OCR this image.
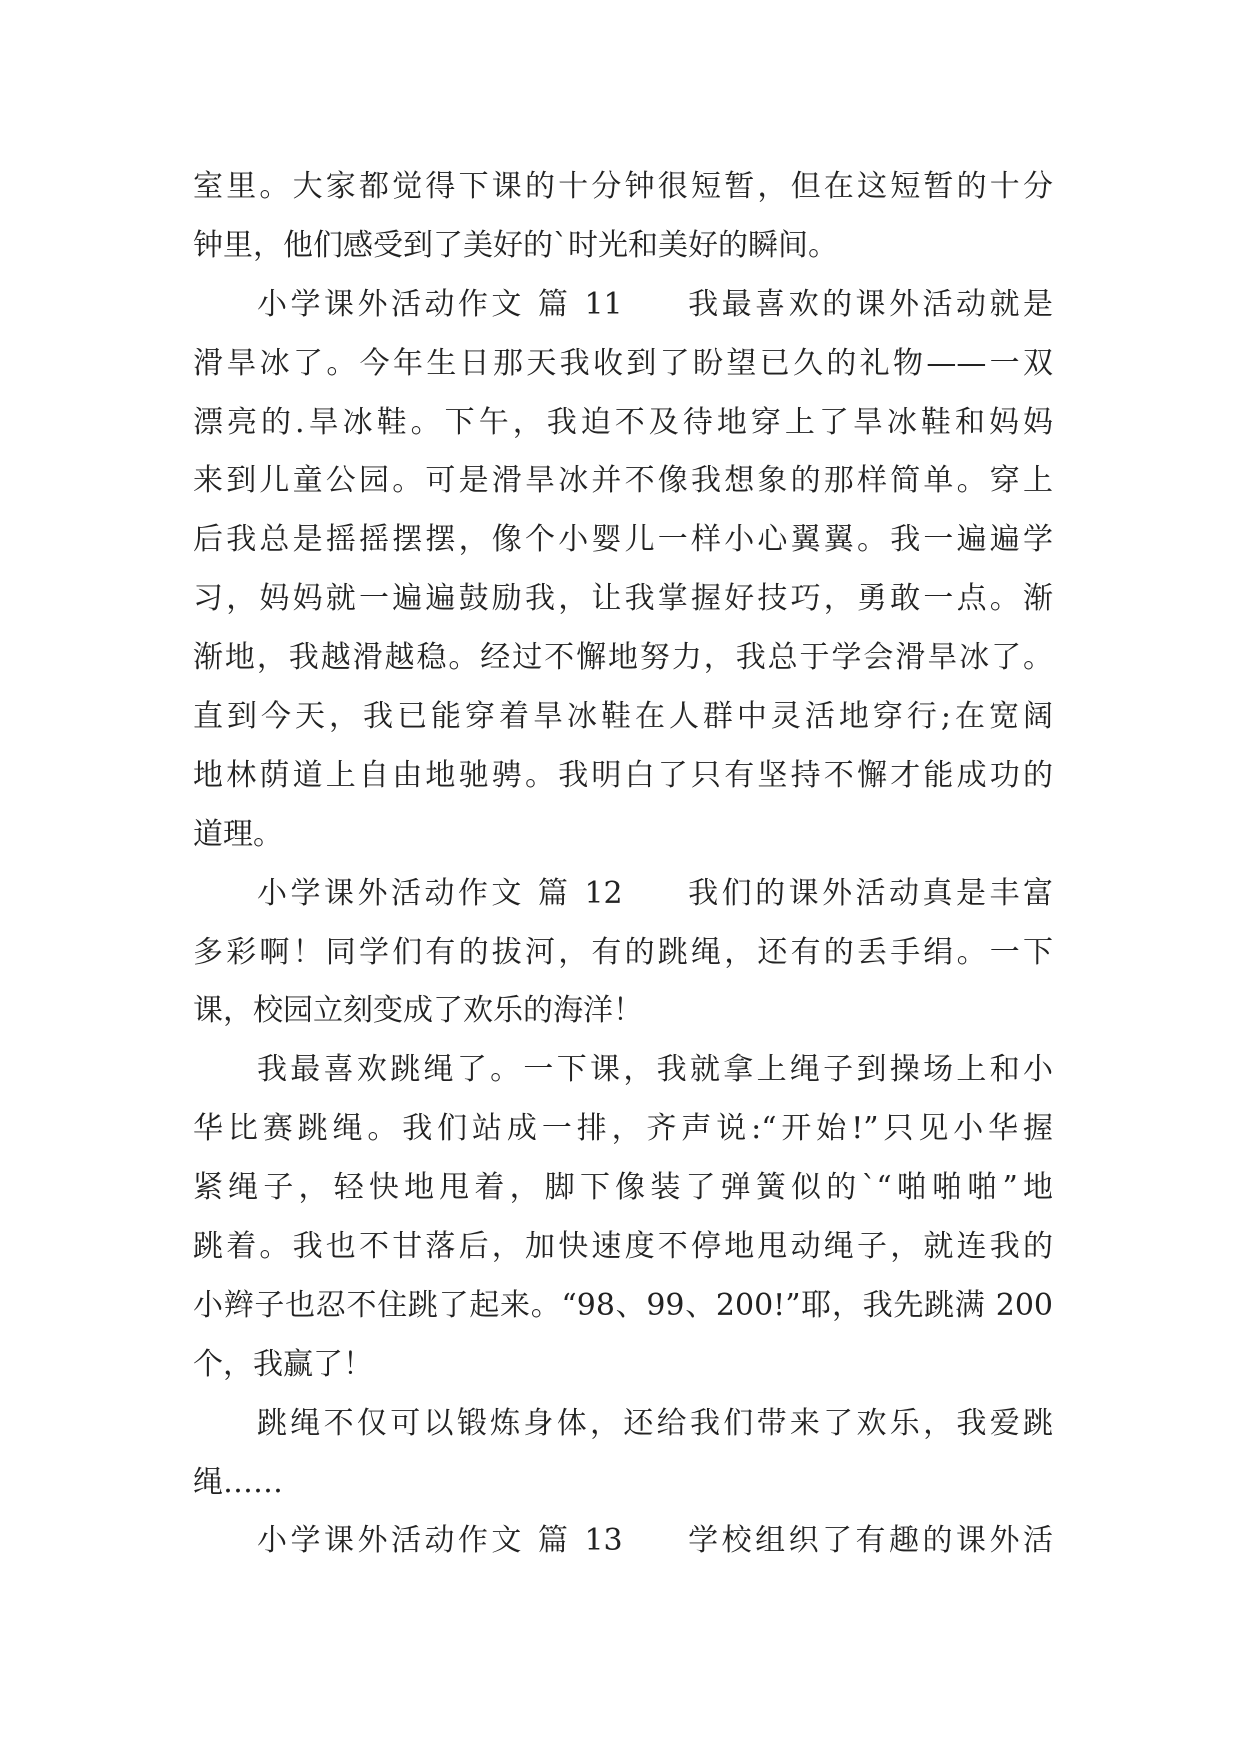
室里。大家都觉得下课的十分钟很短暂，但在这短暂的十分
钟里，他们感受到了美好的`时光和美好的瞬间。
小学课外活动作文 篇 11 我最喜欢的课外活动就是
滑旱冰了。今年生日那天我收到了盼望已久的礼物——一双
漂亮的.旱冰鞋。下午，我迫不及待地穿上了旱冰鞋和妈妈
来到儿童公园。可是滑旱冰并不像我想象的那样简单。穿上
后我总是摇摇摆摆，像个小婴儿一样小心翼翼。我一遍遍学
习，妈妈就一遍遍鼓励我，让我掌握好技巧，勇敢一点。渐
渐地，我越滑越稳。经过不懈地努力，我总于学会滑旱冰了。
直到今天，我已能穿着旱冰鞋在人群中灵活地穿行;在宽阔
地林荫道上自由地驰骋。我明白了只有坚持不懈才能成功的
道理。
小学课外活动作文 篇 12 我们的课外活动真是丰富
多彩啊！同学们有的拔河，有的跳绳，还有的丢手绢。一下
课，校园立刻变成了欢乐的海洋！
我最喜欢跳绳了。一下课，我就拿上绳子到操场上和小
华比赛跳绳。我们站成一排，齐声说:“开始!”只见小华握
紧绳子，轻快地甩着，脚下像装了弹簧似的`“啪啪啪”地
跳着。我也不甘落后，加快速度不停地甩动绳子，就连我的
小辫子也忍不住跳了起来。“98、99、200!”耶，我先跳满 200
个，我赢了！
跳绳不仅可以锻炼身体，还给我们带来了欢乐，我爱跳
绳……
小学课外活动作文 篇 13 学校组织了有趣的课外活
